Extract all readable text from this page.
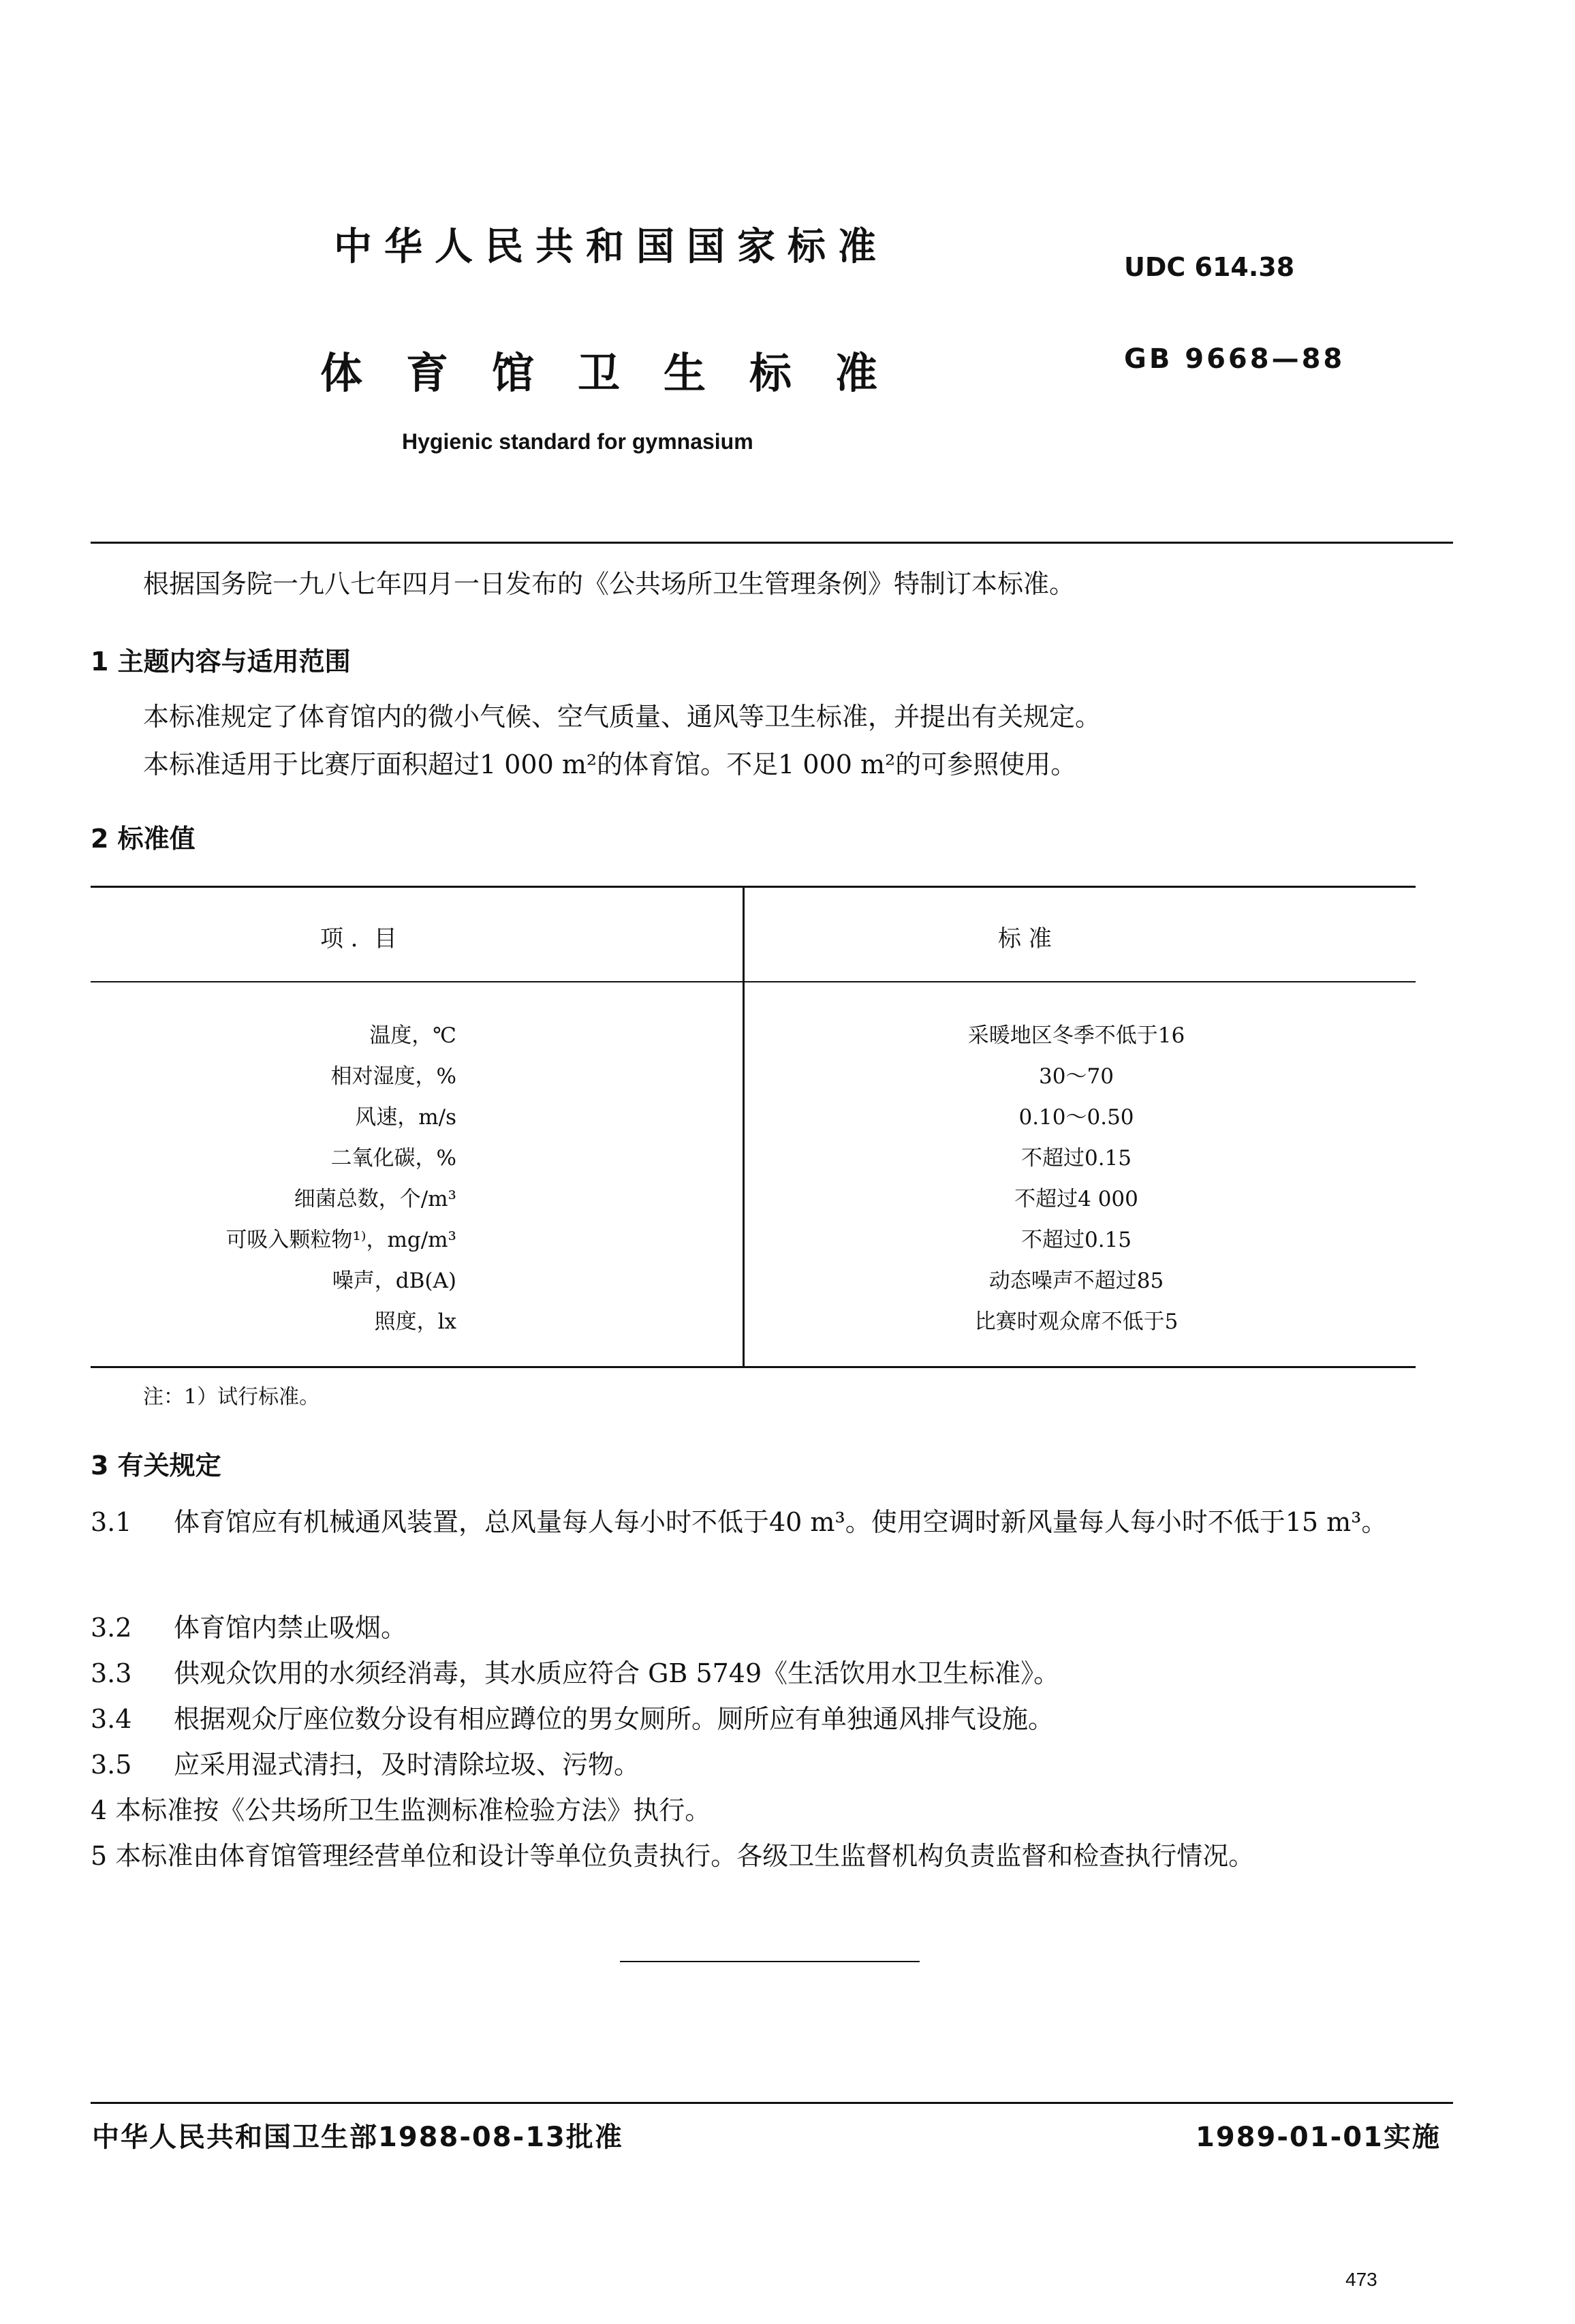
中华人民共和国国家标准	UDC 614.38
体育馆卫生标准	GB 9668—88
Hygienic standard for gymnasium
根据国务院一九八七年四月一日发布的《公共场所卫生管理条例》特制订本标准。
1 主题内容与适用范围
本标准规定了体育馆内的微小气候、空气质量、通风等卫生标准，并提出有关规定。
本标准适用于比赛厅面积超过1 000 m²的体育馆。不足1 000 m²的可参照使用。
2 标准值
项 ．目	标 准
温度，℃	采暖地区冬季不低于16
相对湿度，%	30～70
风速，m/s	0.10～0.50
二氧化碳，%	不超过0.15
细菌总数，个/m³	不超过4 000
可吸入颗粒物¹⁾，mg/m³	不超过0.15
噪声，dB(A)	动态噪声不超过85
照度，lx	比赛时观众席不低于5
注：1）试行标准。
3 有关规定
3.1 体育馆应有机械通风装置，总风量每人每小时不低于40 m³。使用空调时新风量每人每小时不低于15 m³。
3.2 体育馆内禁止吸烟。
3.3 供观众饮用的水须经消毒，其水质应符合 GB 5749《生活饮用水卫生标准》。
3.4 根据观众厅座位数分设有相应蹲位的男女厕所。厕所应有单独通风排气设施。
3.5 应采用湿式清扫，及时清除垃圾、污物。
4 本标准按《公共场所卫生监测标准检验方法》执行。
5 本标准由体育馆管理经营单位和设计等单位负责执行。各级卫生监督机构负责监督和检查执行情况。
中华人民共和国卫生部1988-08-13批准	1989-01-01实施
473
